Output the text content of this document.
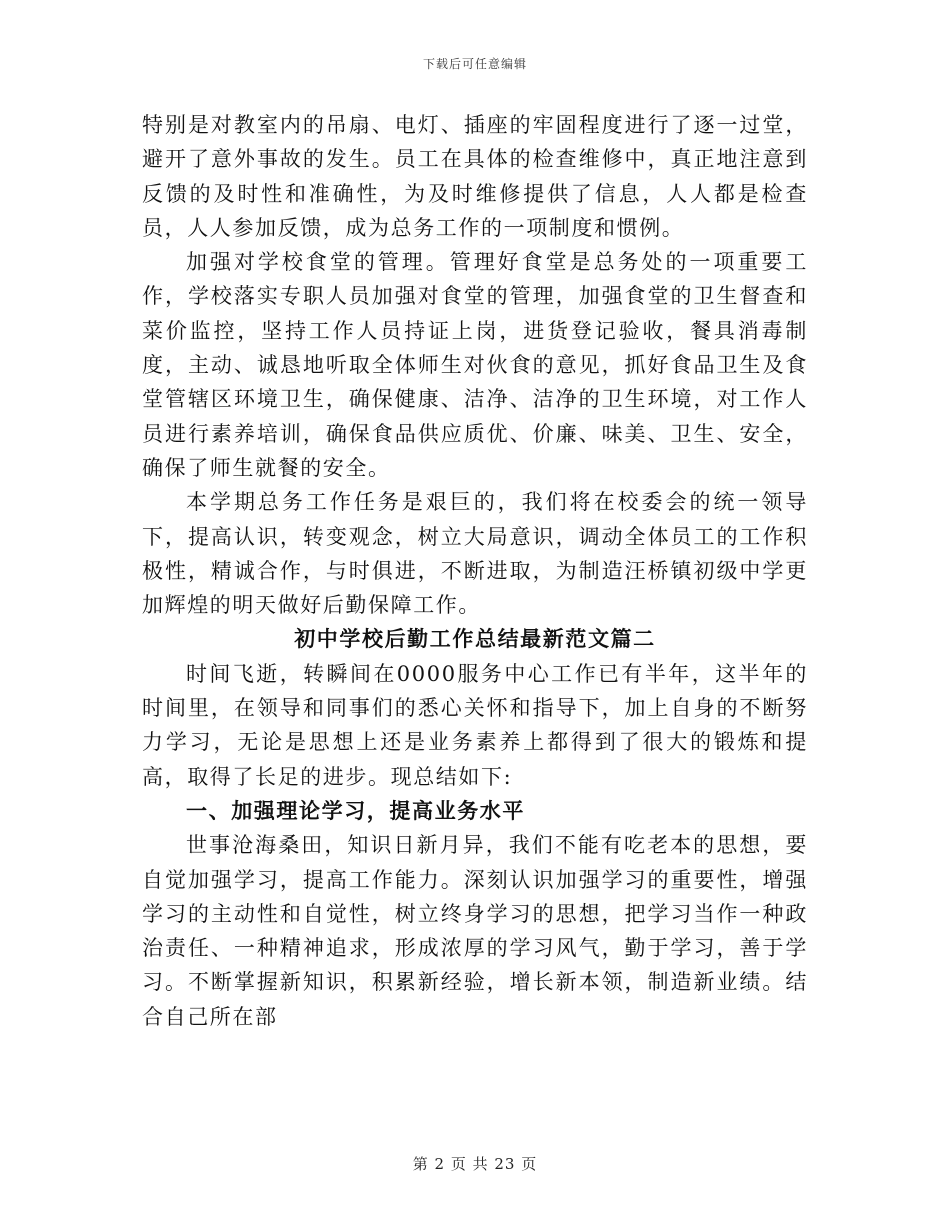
下载后可任意编辑

特别是对教室内的吊扇、电灯、插座的牢固程度进行了逐一过堂，避开了意外事故的发生。员工在具体的检查维修中，真正地注意到反馈的及时性和准确性，为及时维修提供了信息，人人都是检查员，人人参加反馈，成为总务工作的一项制度和惯例。

加强对学校食堂的管理。管理好食堂是总务处的一项重要工作，学校落实专职人员加强对食堂的管理，加强食堂的卫生督查和菜价监控，坚持工作人员持证上岗，进货登记验收，餐具消毒制度，主动、诚恳地听取全体师生对伙食的意见，抓好食品卫生及食堂管辖区环境卫生，确保健康、洁净、洁净的卫生环境，对工作人员进行素养培训，确保食品供应质优、价廉、味美、卫生、安全，确保了师生就餐的安全。

本学期总务工作任务是艰巨的，我们将在校委会的统一领导下，提高认识，转变观念，树立大局意识，调动全体员工的工作积极性，精诚合作，与时俱进，不断进取，为制造汪桥镇初级中学更加辉煌的明天做好后勤保障工作。

初中学校后勤工作总结最新范文篇二

时间飞逝，转瞬间在0000服务中心工作已有半年，这半年的时间里，在领导和同事们的悉心关怀和指导下，加上自身的不断努力学习，无论是思想上还是业务素养上都得到了很大的锻炼和提高，取得了长足的进步。现总结如下:

一、加强理论学习，提高业务水平

世事沧海桑田，知识日新月异，我们不能有吃老本的思想，要自觉加强学习，提高工作能力。深刻认识加强学习的重要性，增强学习的主动性和自觉性，树立终身学习的思想，把学习当作一种政治责任、一种精神追求，形成浓厚的学习风气，勤于学习，善于学习。不断掌握新知识，积累新经验，增长新本领，制造新业绩。结合自己所在部

第 2 页 共 23 页
